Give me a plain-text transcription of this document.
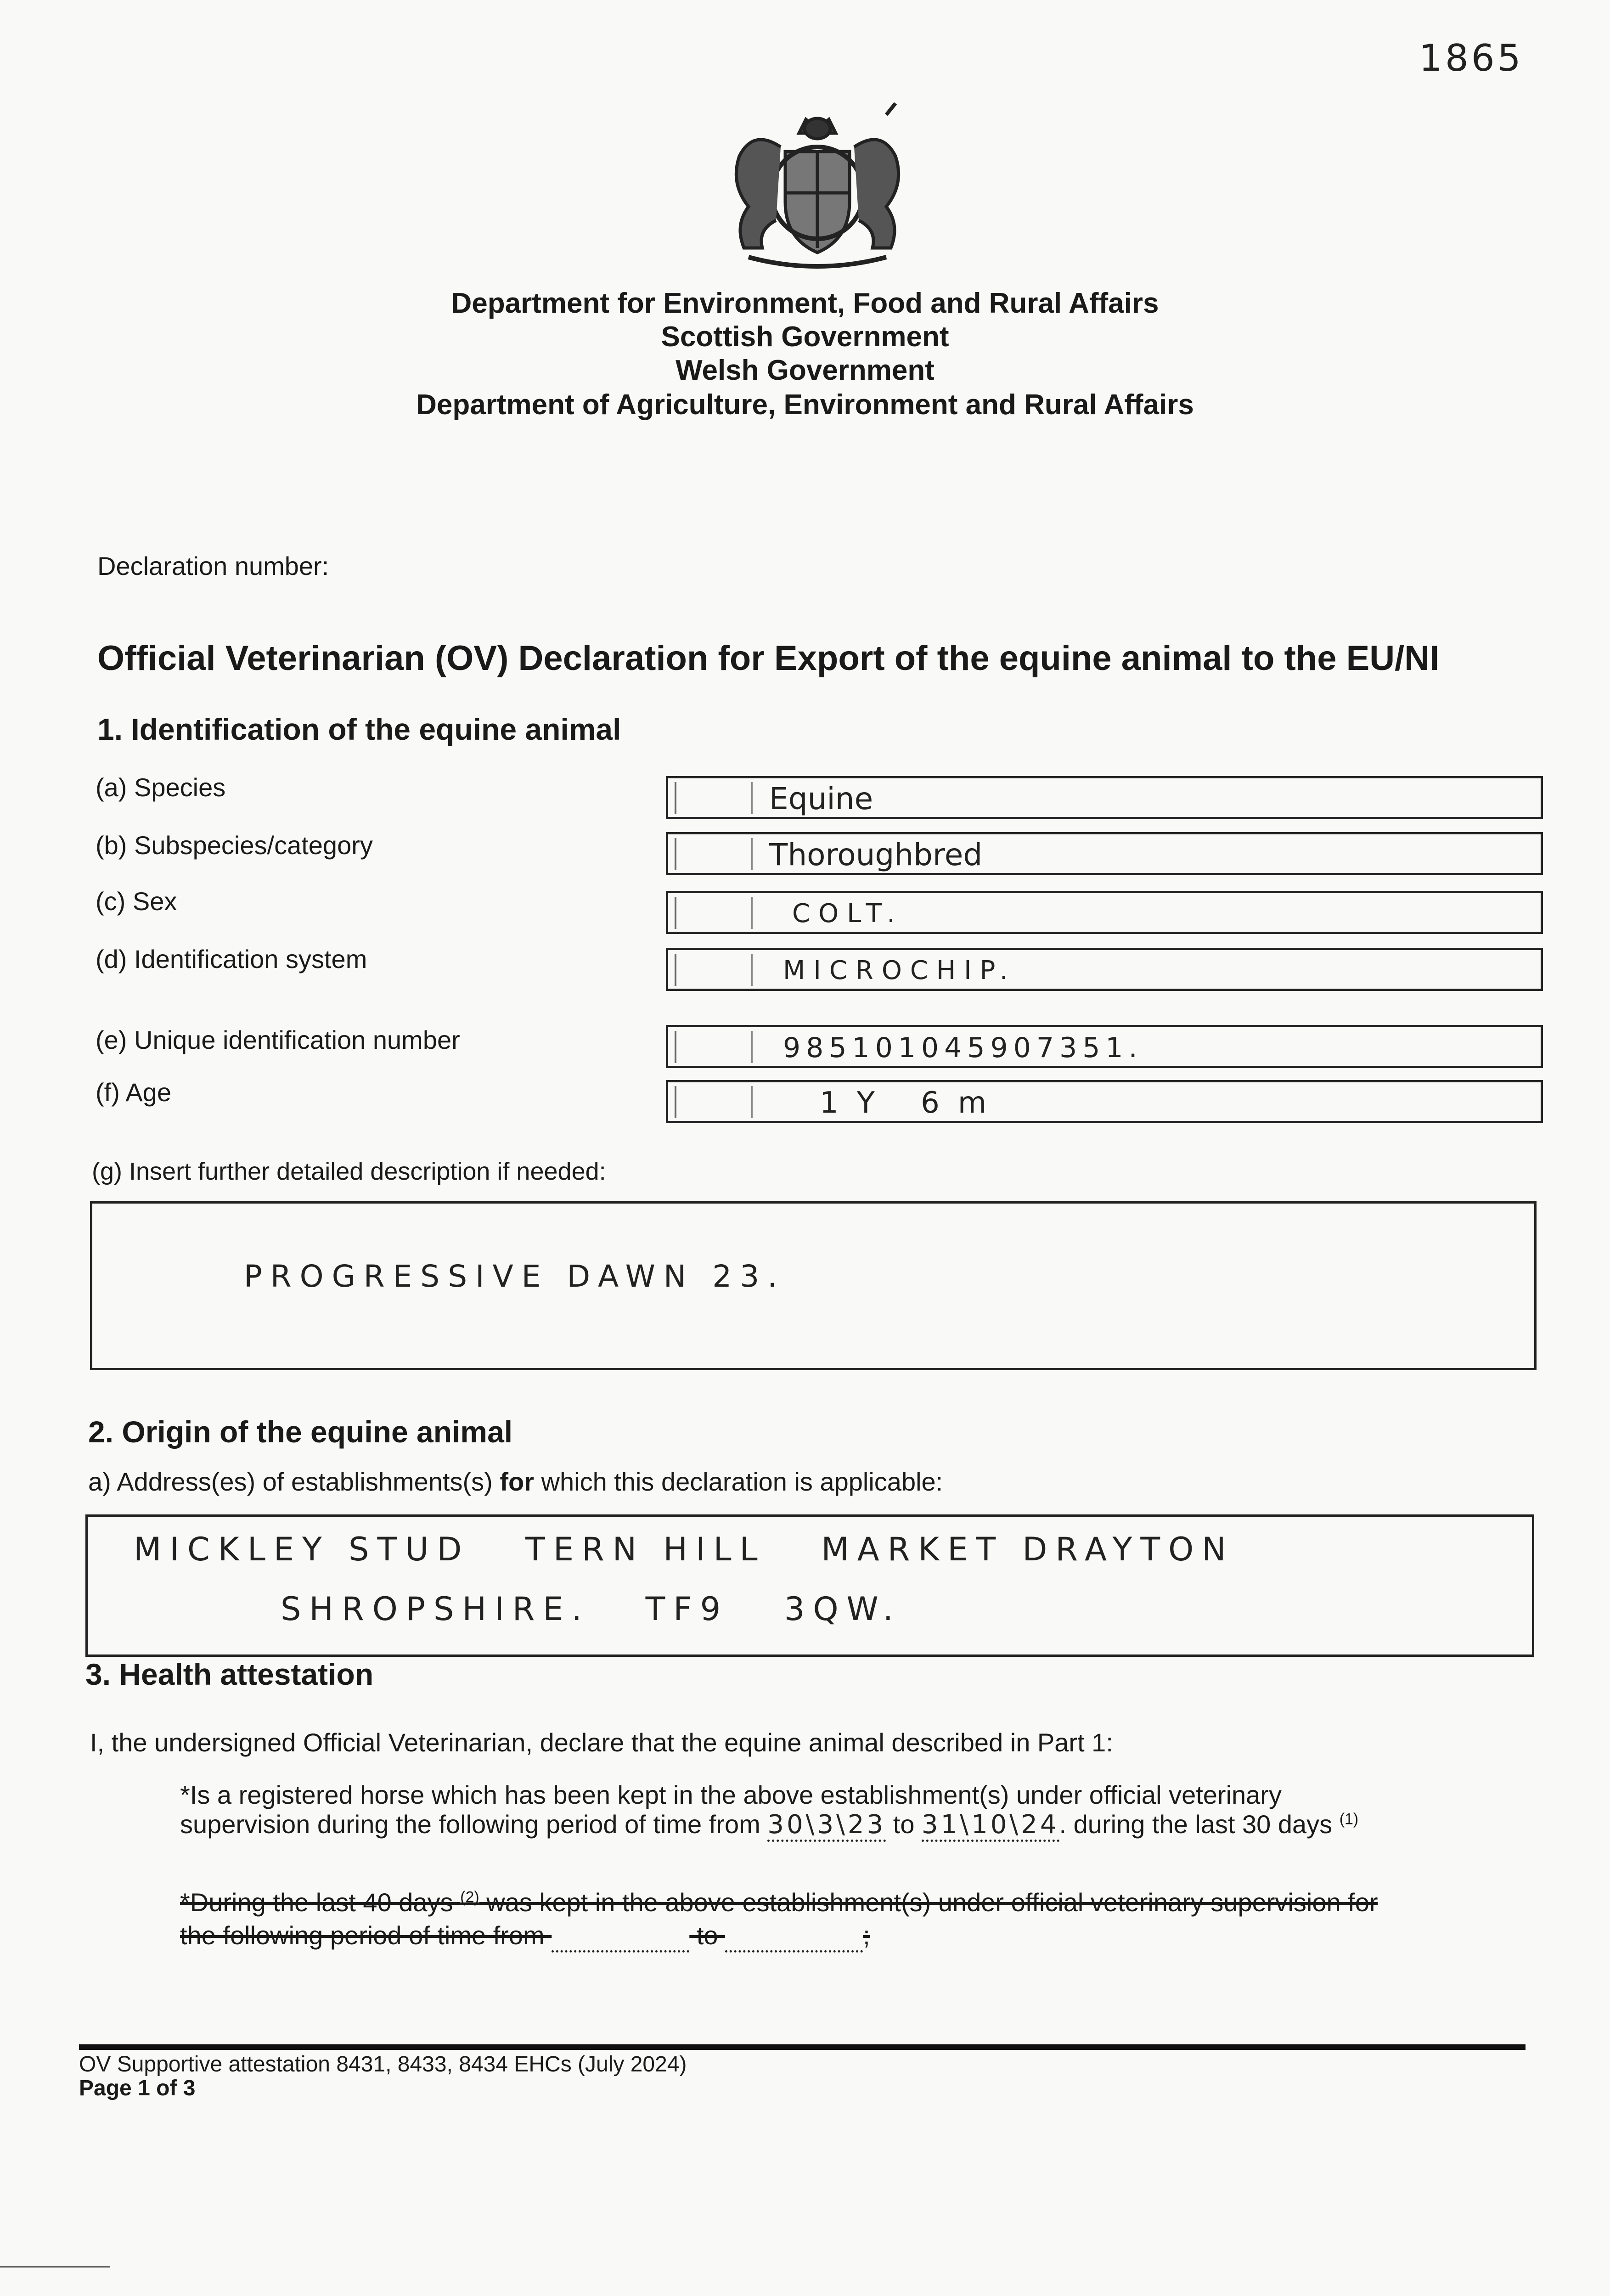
1865
Department for Environment, Food and Rural Affairs
Scottish Government
Welsh Government
Department of Agriculture, Environment and Rural Affairs
Declaration number:
Official Veterinarian (OV) Declaration for Export of the equine animal to the EU/NI
1. Identification of the equine animal
(a) Species	Equine
(b) Subspecies/category	Thoroughbred
(c) Sex	COLT.
(d) Identification system	MICROCHIP.
(e) Unique identification number	985101045907351.
(f) Age	1Y 6m
(g) Insert further detailed description if needed:
PROGRESSIVE DAWN 23.
2. Origin of the equine animal
a) Address(es) of establishments(s) for which this declaration is applicable:
MICKLEY STUD   TERN HILL   MARKET DRAYTON
SHROPSHIRE.   TF9   3QW.
3. Health attestation
I, the undersigned Official Veterinarian, declare that the equine animal described in Part 1:
*Is a registered horse which has been kept in the above establishment(s) under official veterinary
supervision during the following period of time from 30\3\23 to 31\10\24. during the last 30 days $^{(1)}$
*During the last 40 days $^{(2)}$ was kept in the above establishment(s) under official veterinary supervision for
the following period of time from	to	;
OV Supportive attestation 8431, 8433, 8434 EHCs (July 2024)
Page 1 of 3
